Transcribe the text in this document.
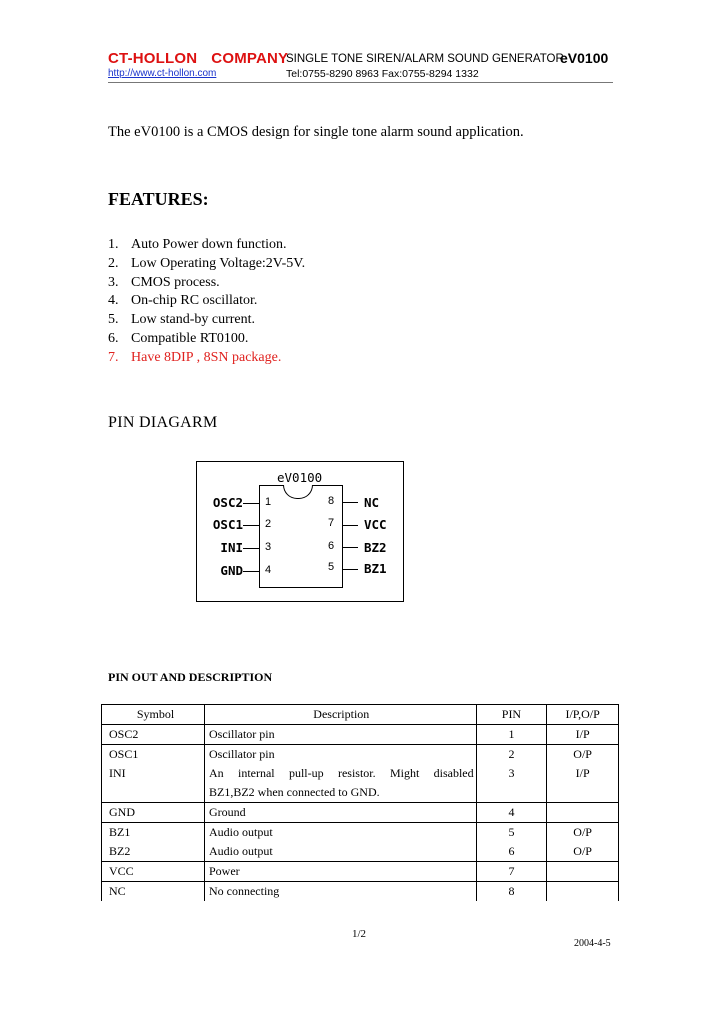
CT-HOLLON COMPANY
SINGLE TONE SIREN/ALARM SOUND GENERATOR
eV0100
http://www.ct-hollon.com	Tel:0755-8290 8963 Fax:0755-8294 1332
The eV0100 is a CMOS design for single tone alarm sound application.
FEATURES:
1. Auto Power down function.
2. Low Operating Voltage:2V-5V.
3. CMOS process.
4. On-chip RC oscillator.
5. Low stand-by current.
6. Compatible RT0100.
7. Have 8DIP , 8SN package.
PIN DIAGARM
eV0100
OSC2 1
OSC1 2
INI 3
GND 4
8 NC
7 VCC
6 BZ2
5 BZ1
PIN OUT AND DESCRIPTION
Symbol	Description	PIN	I/P,O/P
OSC2	Oscillator pin	1	I/P
OSC1	Oscillator pin	2	O/P
INI	An internal pull-up resistor. Might disabled	3	I/P
	BZ1,BZ2 when connected to GND.		
GND	Ground	4	
BZ1	Audio output	5	O/P
BZ2	Audio output	6	O/P
VCC	Power	7	
NC	No connecting	8	
1/2
2004-4-5
